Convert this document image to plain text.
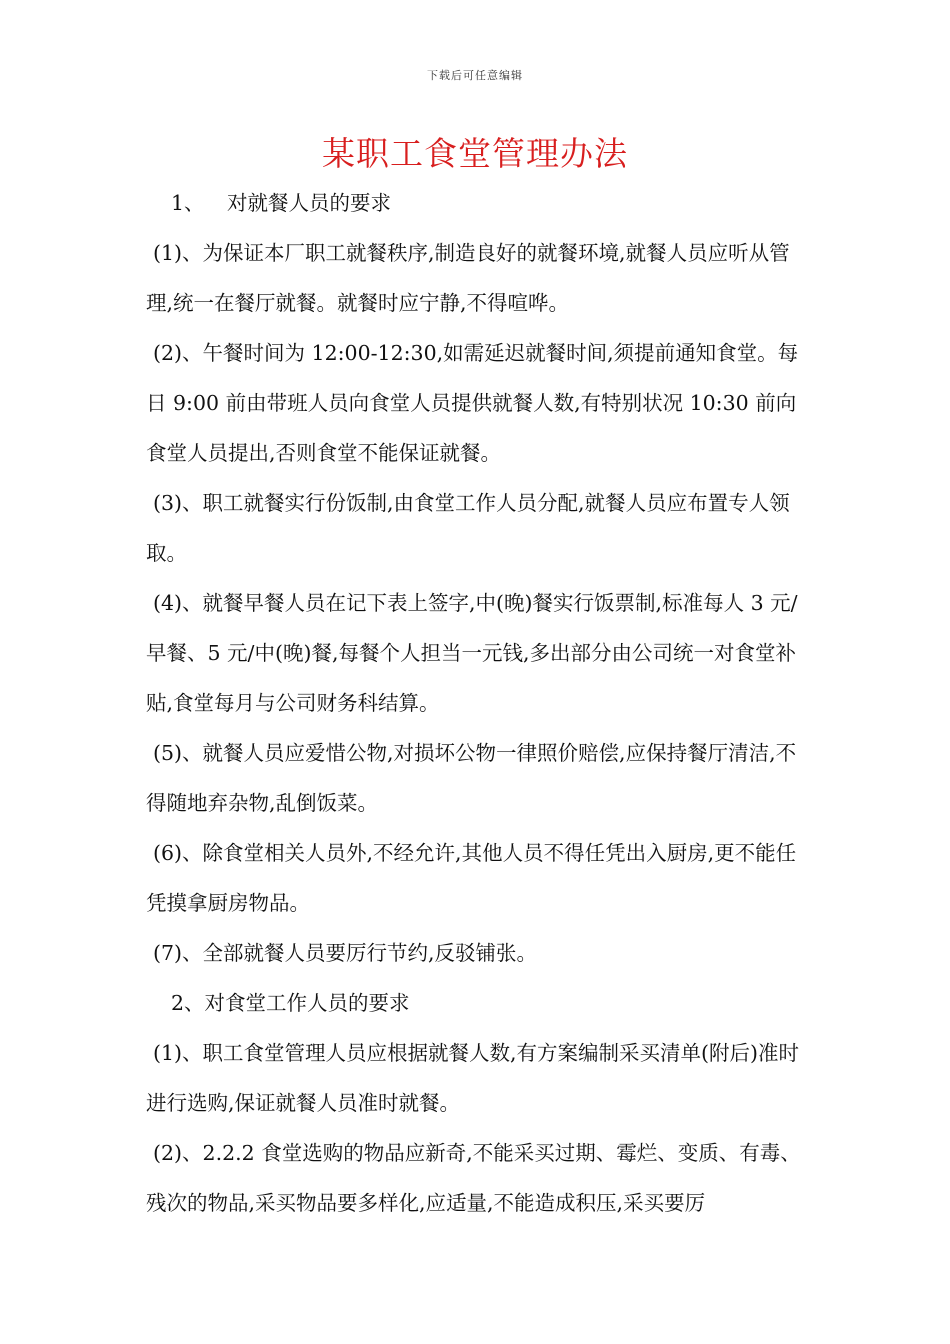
下载后可任意编辑
某职工食堂管理办法

1、 对就餐人员的要求

(1)、为保证本厂职工就餐秩序,制造良好的就餐环境,就餐人员应听从管理,统一在餐厅就餐。就餐时应宁静,不得喧哗。

(2)、午餐时间为 12:00-12:30,如需延迟就餐时间,须提前通知食堂。每日 9:00 前由带班人员向食堂人员提供就餐人数,有特别状况 10:30 前向食堂人员提出,否则食堂不能保证就餐。

(3)、职工就餐实行份饭制,由食堂工作人员分配,就餐人员应布置专人领取。

(4)、就餐早餐人员在记下表上签字,中(晚)餐实行饭票制,标准每人 3 元/早餐、5 元/中(晚)餐,每餐个人担当一元钱,多出部分由公司统一对食堂补贴,食堂每月与公司财务科结算。

(5)、就餐人员应爱惜公物,对损坏公物一律照价赔偿,应保持餐厅清洁,不得随地弃杂物,乱倒饭菜。

(6)、除食堂相关人员外,不经允许,其他人员不得任凭出入厨房,更不能任凭摸拿厨房物品。

(7)、全部就餐人员要厉行节约,反驳铺张。

2、对食堂工作人员的要求

(1)、职工食堂管理人员应根据就餐人数,有方案编制采买清单(附后)准时进行选购,保证就餐人员准时就餐。

(2)、2.2.2 食堂选购的物品应新奇,不能采买过期、霉烂、变质、有毒、残次的物品,采买物品要多样化,应适量,不能造成积压,采买要厉
